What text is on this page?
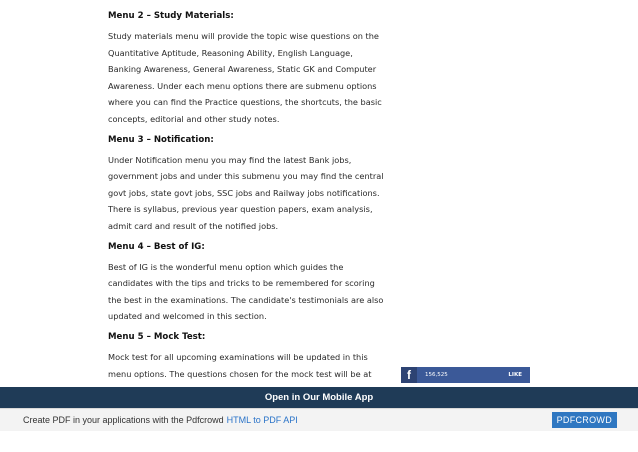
Menu 2 – Study Materials:

Study materials menu will provide the topic wise questions on the Quantitative Aptitude, Reasoning Ability, English Language, Banking Awareness, General Awareness, Static GK and Computer Awareness. Under each menu options there are submenu options where you can find the Practice questions, the shortcuts, the basic concepts, editorial and other study notes.

Menu 3 – Notification:

Under Notification menu you may find the latest Bank jobs, government jobs and under this submenu you may find the central govt jobs, state govt jobs, SSC jobs and Railway jobs notifications. There is syllabus, previous year question papers, exam analysis, admit card and result of the notified jobs.

Menu 4 – Best of IG:

Best of IG is the wonderful menu option which guides the candidates with the tips and tricks to be remembered for scoring the best in the examinations. The candidate's testimonials are also updated and welcomed in this section.

Menu 5 – Mock Test:

Mock test for all upcoming examinations will be updated in this menu options. The questions chosen for the mock test will be at	f	156,525	LIKE
Open in Our Mobile App
Create PDF in your applications with the Pdfcrowd HTML to PDF API	PDFCROWD
